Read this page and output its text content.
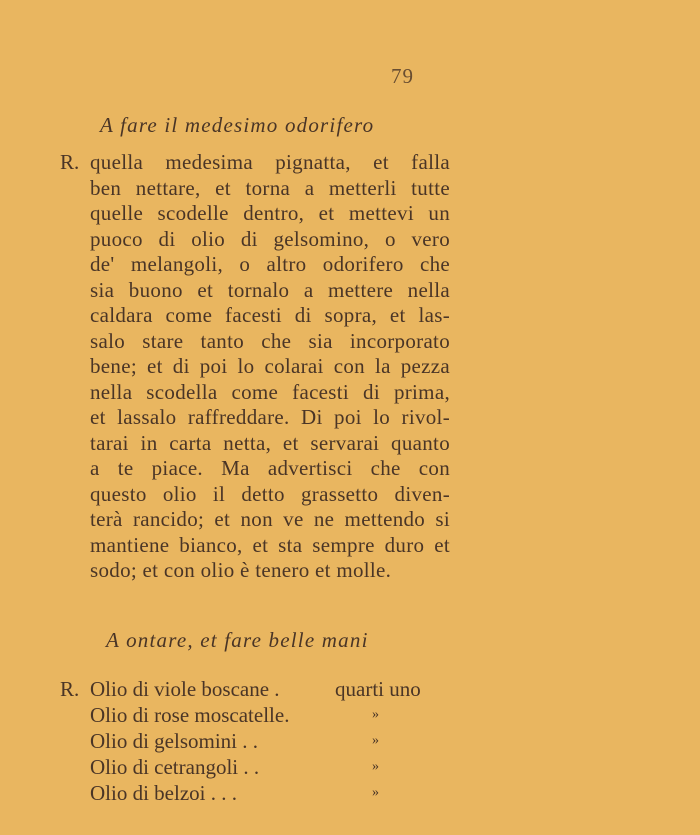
79
A fare il medesimo odorifero
R. quella medesima pignatta, et falla
ben nettare, et torna a metterli tutte
quelle scodelle dentro, et mettevi un
puoco di olio di gelsomino, o vero
de' melangoli, o altro odorifero che
sia buono et tornalo a mettere nella
caldara come facesti di sopra, et las-
salo stare tanto che sia incorporato
bene; et di poi lo colarai con la pezza
nella scodella come facesti di prima,
et lassalo raffreddare. Di poi lo rivol-
tarai in carta netta, et servarai quanto
a te piace. Ma advertisci che con
questo olio il detto grassetto diven-
terà rancido; et non ve ne mettendo si
mantiene bianco, et sta sempre duro et
sodo; et con olio è tenero et molle.
A ontare, et fare belle mani
R. Olio di viole boscane .	quarti uno
Olio di rose moscatelle.	»
Olio di gelsomini . .	»
Olio di cetrangoli . .	»
Olio di belzoi . . .	»
